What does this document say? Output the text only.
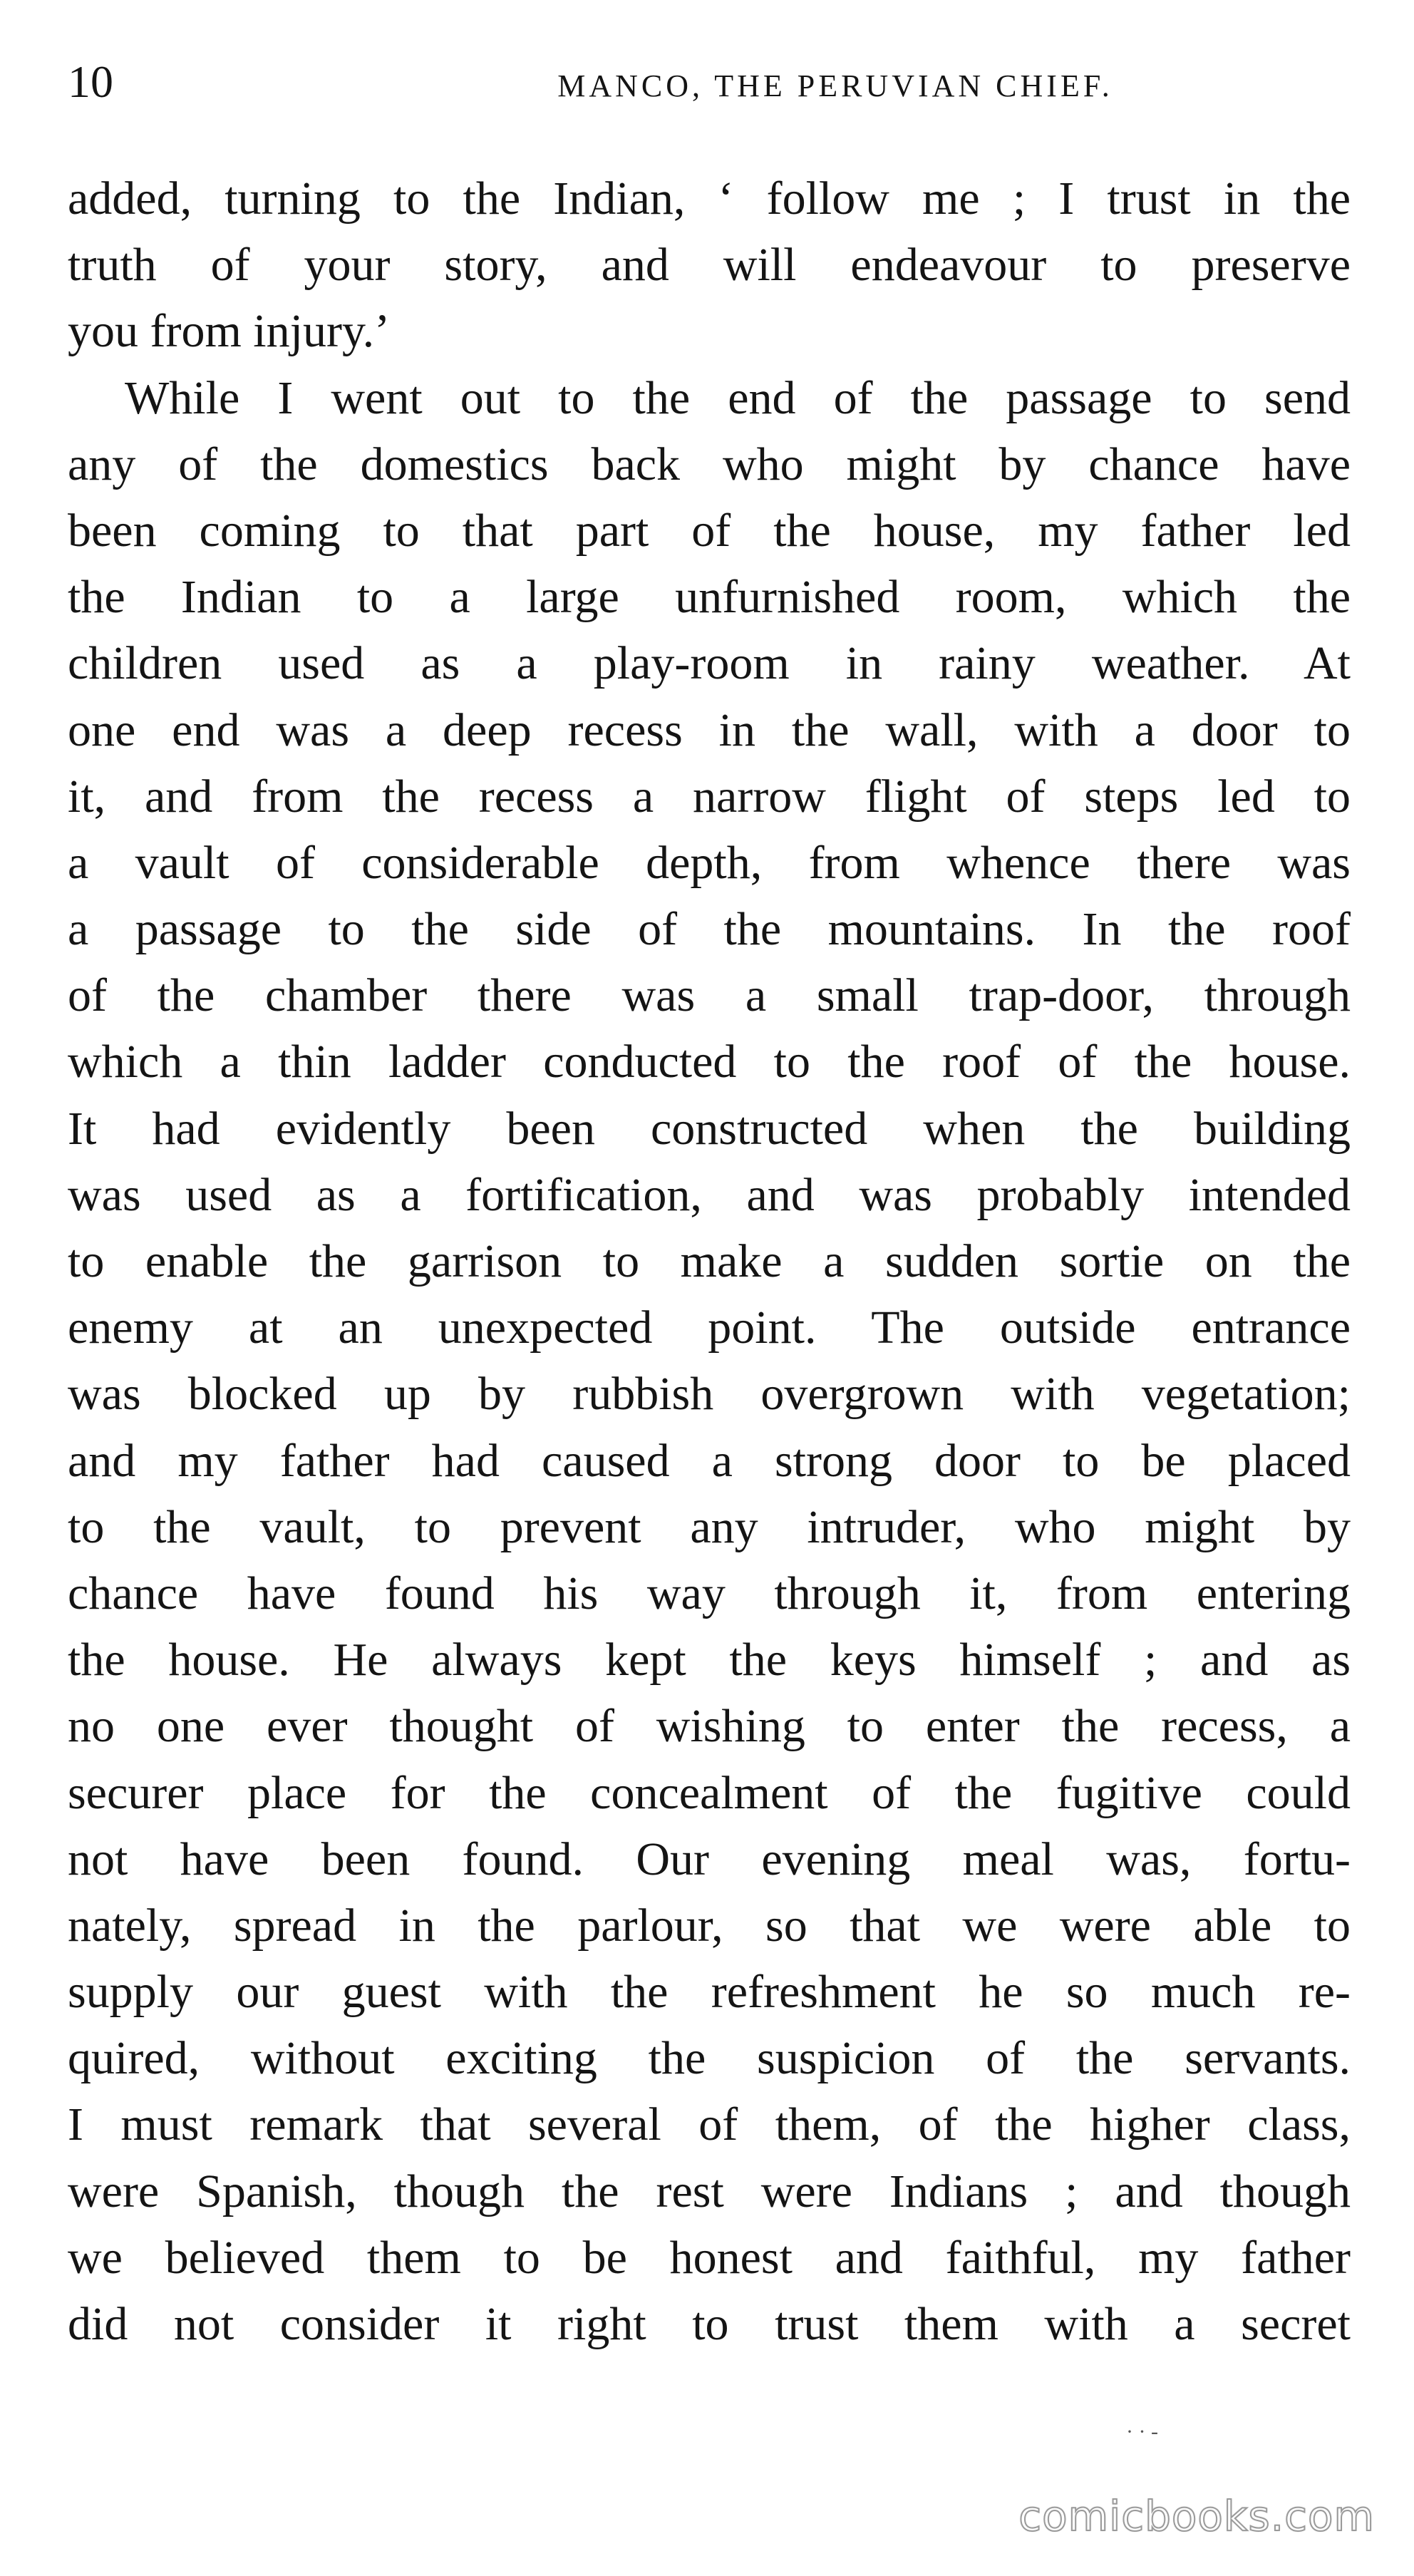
10	MANCO, THE PERUVIAN CHIEF.
added, turning to the Indian, ‘ follow me ; I trust in the
truth of your story, and will endeavour to preserve
you from injury.’
While I went out to the end of the passage to send
any of the domestics back who might by chance have
been coming to that part of the house, my father led
the Indian to a large unfurnished room, which the
children used as a play-room in rainy weather. At
one end was a deep recess in the wall, with a door to
it, and from the recess a narrow flight of steps led to
a vault of considerable depth, from whence there was
a passage to the side of the mountains. In the roof
of the chamber there was a small trap-door, through
which a thin ladder conducted to the roof of the house.
It had evidently been constructed when the building
was used as a fortification, and was probably intended
to enable the garrison to make a sudden sortie on the
enemy at an unexpected point. The outside entrance
was blocked up by rubbish overgrown with vegetation;
and my father had caused a strong door to be placed
to the vault, to prevent any intruder, who might by
chance have found his way through it, from entering
the house. He always kept the keys himself ; and as
no one ever thought of wishing to enter the recess, a
securer place for the concealment of the fugitive could
not have been found. Our evening meal was, fortu-
nately, spread in the parlour, so that we were able to
supply our guest with the refreshment he so much re-
quired, without exciting the suspicion of the servants.
I must remark that several of them, of the higher class,
were Spanish, though the rest were Indians ; and though
we believed them to be honest and faithful, my father
did not consider it right to trust them with a secret
· · -
comicbooks.com
